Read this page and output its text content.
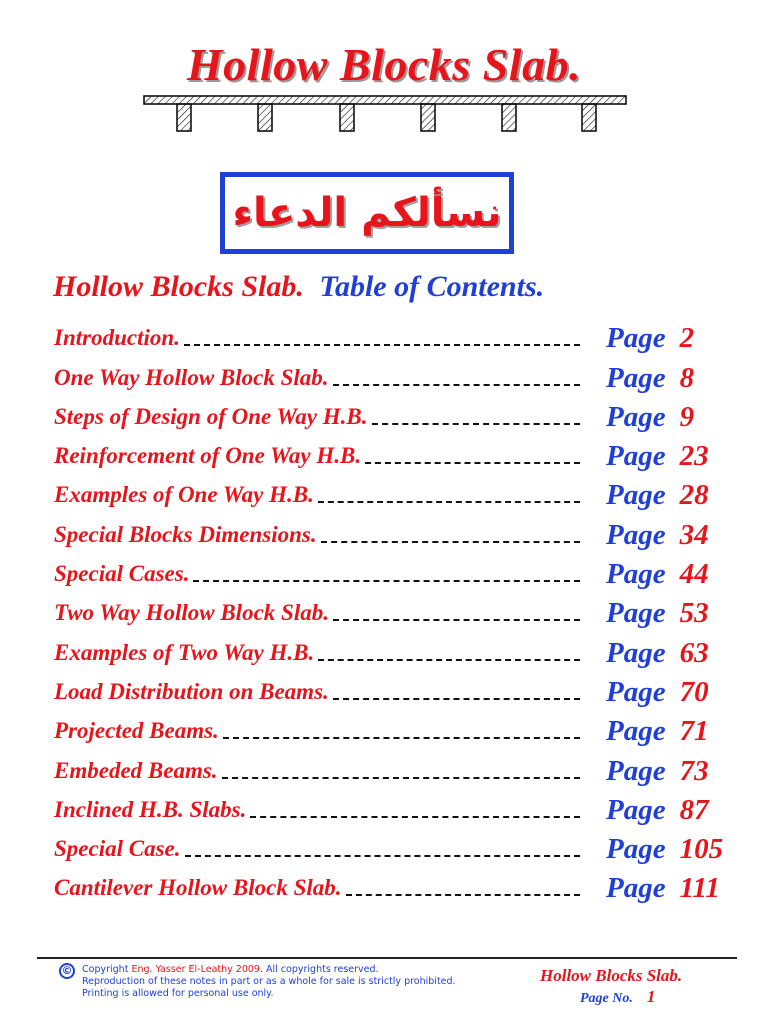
Hollow Blocks Slab.
نسألكم الدعاء
Hollow Blocks Slab. Table of Contents.
Introduction.	Page 2
One Way Hollow Block Slab.	Page 8
Steps of Design of One Way H.B.	Page 9
Reinforcement of One Way H.B.	Page 23
Examples of One Way H.B.	Page 28
Special Blocks Dimensions.	Page 34
Special Cases.	Page 44
Two Way Hollow Block Slab.	Page 53
Examples of Two Way H.B.	Page 63
Load Distribution on Beams.	Page 70
Projected Beams.	Page 71
Embeded Beams.	Page 73
Inclined H.B. Slabs.	Page 87
Special Case.	Page 105
Cantilever Hollow Block Slab.	Page 111
© Copyright Eng. Yasser El-Leathy 2009. All copyrights reserved.
Reproduction of these notes in part or as a whole for sale is strictly prohibited.
Printing is allowed for personal use only.
Hollow Blocks Slab.
Page No. 1
